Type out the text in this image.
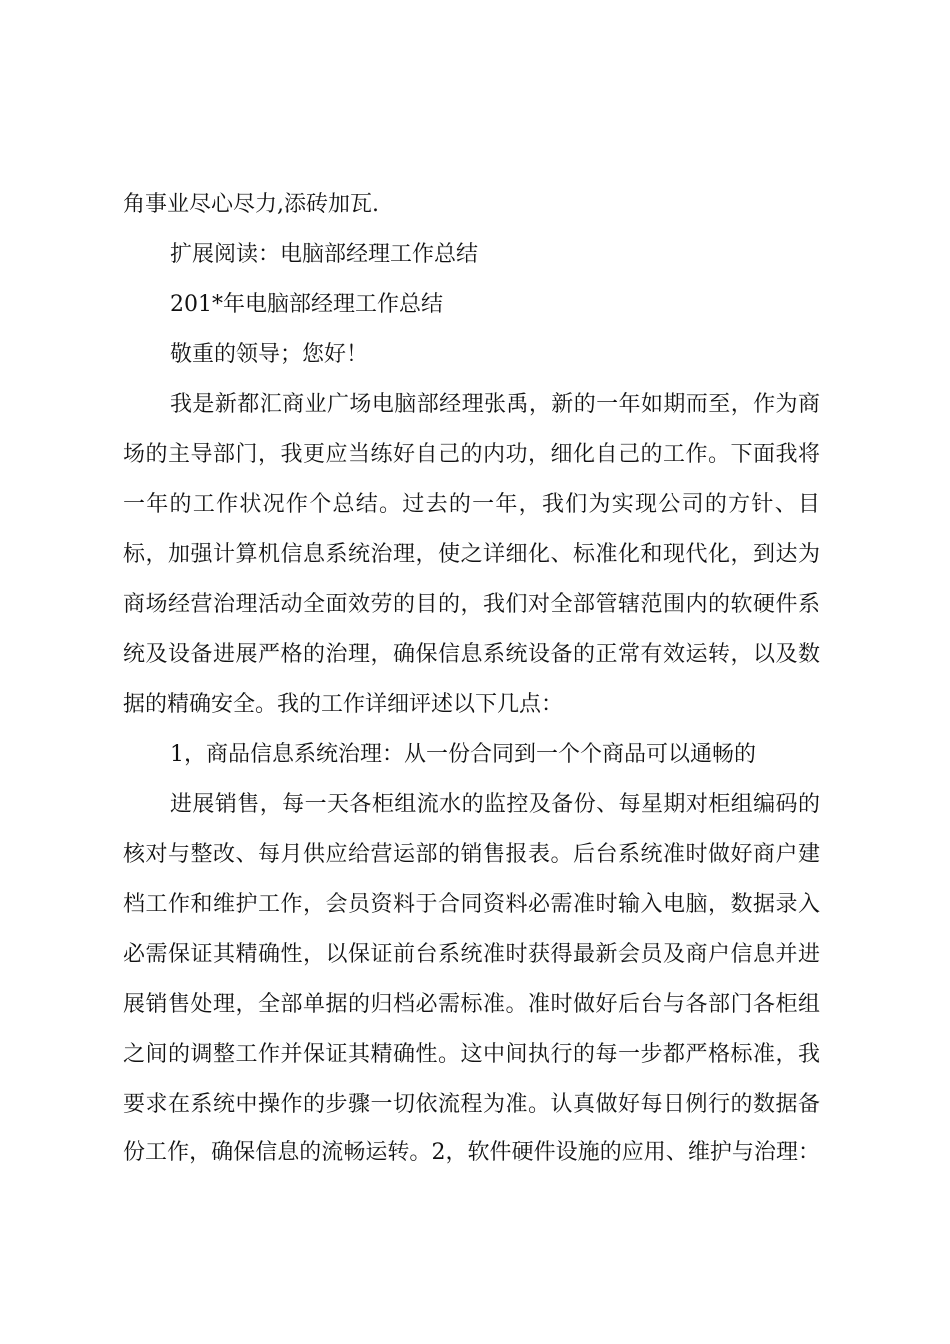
角事业尽心尽力,添砖加瓦.
扩展阅读：电脑部经理工作总结
201*年电脑部经理工作总结
敬重的领导；您好！
我是新都汇商业广场电脑部经理张禹，新的一年如期而至，作为商
场的主导部门，我更应当练好自己的内功，细化自己的工作。下面我将
一年的工作状况作个总结。过去的一年，我们为实现公司的方针、目
标，加强计算机信息系统治理，使之详细化、标准化和现代化，到达为
商场经营治理活动全面效劳的目的，我们对全部管辖范围内的软硬件系
统及设备进展严格的治理，确保信息系统设备的正常有效运转，以及数
据的精确安全。我的工作详细评述以下几点：
1，商品信息系统治理：从一份合同到一个个商品可以通畅的
进展销售，每一天各柜组流水的监控及备份、每星期对柜组编码的
核对与整改、每月供应给营运部的销售报表。后台系统准时做好商户建
档工作和维护工作，会员资料于合同资料必需准时输入电脑，数据录入
必需保证其精确性，以保证前台系统准时获得最新会员及商户信息并进
展销售处理，全部单据的归档必需标准。准时做好后台与各部门各柜组
之间的调整工作并保证其精确性。这中间执行的每一步都严格标准，我
要求在系统中操作的步骤一切依流程为准。认真做好每日例行的数据备
份工作，确保信息的流畅运转。2，软件硬件设施的应用、维护与治理：
